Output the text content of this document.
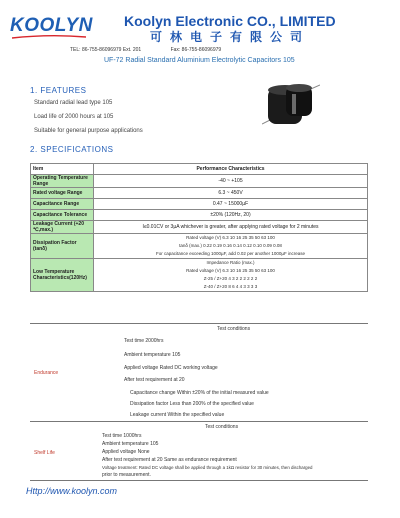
KOOLYN Koolyn Electronic CO., LIMITED
可林电子有限公司
TEL: 86-755-86096979 Ext. 201	Fax: 86-755-86096979
UF-72 Radial Standard Aluminium Electrolytic Capacitors 105
1. FEATURES
Standard radial lead type 105
Load life of 2000 hours at 105
Suitable for general purpose applications
2. SPECIFICATIONS
Item	Performance Characteristics
Operating Temperature Range	-40 ~ +105
Rated voltage Range	6.3 ~ 450V
Capacitance Range	0.47 ~ 15000µF
Capacitance Tolerance	±20% (120Hz, 20)
Leakage Current (+20 ℃,max.)	I≤0.01CV or 3µA whichever is greater, after applying rated voltage for 2 minutes
Dissipation Factor (tanδ)	Rated voltage (V) 6.3 10 16 25 35 50 63 100
tanδ (max.) 0.22 0.19 0.16 0.14 0.12 0.10 0.09 0.08
For capacitance exceeding 1000µF, add 0.02 per another 1000µF increase

Low Temperature Characteristics(120Hz)	Impedance Ratio (max.)
Rated voltage (V) 6.3 10 16 25 35 50 63 100
Z-25 / Z+20 4 3 2 2 2 2 2 2
Z-40 / Z+20 8 6 4 4 3 3 3 3
Test conditions
Endurance
Test time 2000hrs
Ambient temperature 105
Applied voltage Rated DC working voltage
After test requirement at 20
Capacitance change Within ±20% of the initial measured value
Dissipation factor Less than 200% of the specified value
Leakage current Within the specified value
Test conditions
Shelf Life
Test time 1000hrs
Ambient temperature 105
Applied voltage None
After test requirement at 20 Same as endurance requirement
Voltage treatment: Rated DC voltage shall be applied through a 1kΩ resistor for 30 minutes, then discharged
prior to measurement.
Http://www.koolyn.com
